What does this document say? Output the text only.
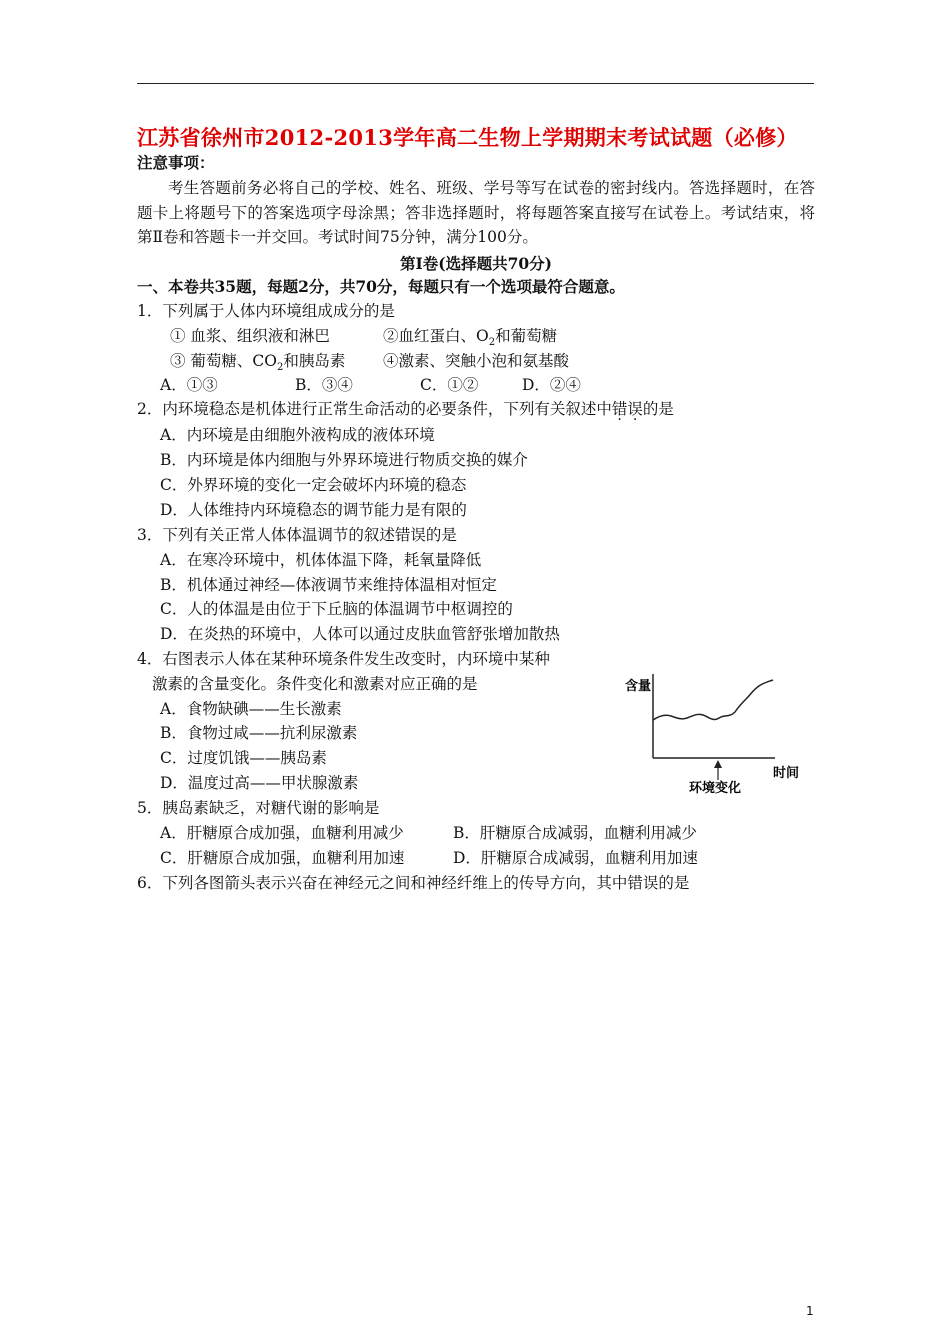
江苏省徐州市2012-2013学年高二生物上学期期末考试试题（必修）
注意事项：
考生答题前务必将自己的学校、姓名、班级、学号等写在试卷的密封线内。答选择题时，在答题卡上将题号下的答案选项字母涂黑；答非选择题时，将每题答案直接写在试卷上。考试结束，将第Ⅱ卷和答题卡一并交回。考试时间75分钟，满分100分。
第Ⅰ卷(选择题共70分)
一、本卷共35题，每题2分，共70分，每题只有一个选项最符合题意。
1．下列属于人体内环境组成成分的是
① 血浆、组织液和淋巴	②血红蛋白、$O_2$和葡萄糖
③ 葡萄糖、$CO_2$和胰岛素 ④激素、突触小泡和氨基酸
A．①③	B．③④	C．①②	D．②④
2．内环境稳态是机体进行正常生命活动的必要条件，下列有关叙述中错误的是
A．内环境是由细胞外液构成的液体环境
B．内环境是体内细胞与外界环境进行物质交换的媒介
C．外界环境的变化一定会破坏内环境的稳态
D．人体维持内环境稳态的调节能力是有限的
3．下列有关正常人体体温调节的叙述错误的是
A．在寒冷环境中，机体体温下降，耗氧量降低
B．机体通过神经—体液调节来维持体温相对恒定
C．人的体温是由位于下丘脑的体温调节中枢调控的
D．在炎热的环境中，人体可以通过皮肤血管舒张增加散热
4．右图表示人体在某种环境条件发生改变时，内环境中某种
激素的含量变化。条件变化和激素对应正确的是
A．食物缺碘——生长激素
B．食物过咸——抗利尿激素
C．过度饥饿——胰岛素
D．温度过高——甲状腺激素
含量
环境变化
时间
5．胰岛素缺乏，对糖代谢的影响是
A．肝糖原合成加强，血糖利用减少	B．肝糖原合成减弱，血糖利用减少
C．肝糖原合成加强，血糖利用加速	D．肝糖原合成减弱，血糖利用加速
6．下列各图箭头表示兴奋在神经元之间和神经纤维上的传导方向，其中错误的是
1
